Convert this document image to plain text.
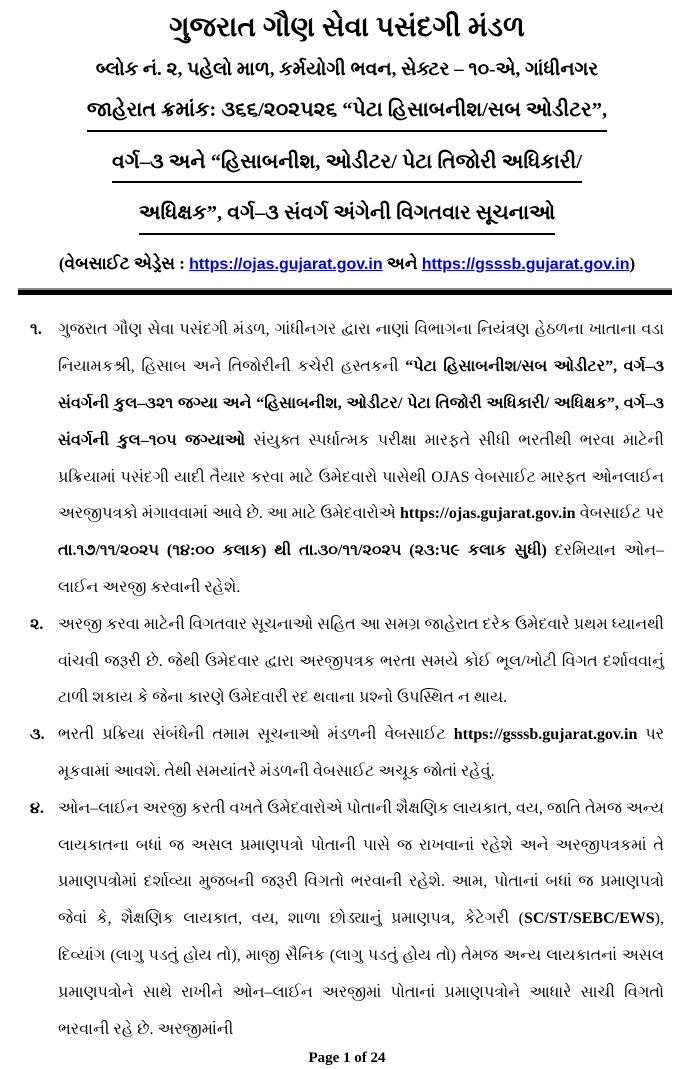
ગુજરાત ગૌણ સેવા પસંદગી મંડળ
બ્લોક નં. ૨, પહેલો માળ, કર્મયોગી ભવન, સેક્ટર – ૧૦-એ, ગાંધીનગર
જાહેરાત ક્રમાંક: ૩૬૬/૨૦૨૫૨૬ “પેટા હિસાબનીશ/સબ ઓડીટર”,
વર્ગ–૩ અને “હિસાબનીશ, ઓડીટર/ પેટા તિજોરી અધિકારી/
અધિક્ષક”, વર્ગ–૩ સંવર્ગ અંગેની વિગતવાર સૂચનાઓ
(વેબસાઈટ એડ્રેસ : https://ojas.gujarat.gov.in અને https://gsssb.gujarat.gov.in)
૧.	ગુજરાત ગૌણ સેવા પસંદગી મંડળ, ગાંધીનગર દ્વારા નાણાં વિભાગના નિયંત્રણ હેઠળના ખાતાના વડા નિયામકશ્રી, હિસાબ અને તિજોરીની કચેરી હસ્તકની “પેટા હિસાબનીશ/સબ ઓડીટર”, વર્ગ–૩ સંવર્ગની કુલ–૩૨૧ જગ્યા અને “હિસાબનીશ, ઓડીટર/ પેટા તિજોરી અધિકારી/ અધિક્ષક”, વર્ગ–૩ સંવર્ગની કુલ–૧૦૫ જગ્યાઓ સંયુક્ત સ્પર્ધાત્મક પરીક્ષા મારફતે સીધી ભરતીથી ભરવા માટેની પ્રક્રિયામાં પસંદગી યાદી તૈયાર કરવા માટે ઉમેદવારો પાસેથી OJAS વેબસાઈટ મારફત ઓનલાઈન અરજીપત્રકો મંગાવવામાં આવે છે. આ માટે ઉમેદવારોએ https://ojas.gujarat.gov.in વેબસાઈટ પર તા.૧૭/૧૧/૨૦૨૫ (૧૪:૦૦ કલાક) થી તા.૩૦/૧૧/૨૦૨૫ (૨૩:૫૯ કલાક સુધી) દરમિયાન ઓન–લાઈન અરજી કરવાની રહેશે.
૨. અરજી કરવા માટેની વિગતવાર સૂચનાઓ સહિત આ સમગ્ર જાહેરાત દરેક ઉમેદવારે પ્રથમ ધ્યાનથી વાંચવી જરૂરી છે. જેથી ઉમેદવાર દ્વારા અરજીપત્રક ભરતા સમયે કોઈ ભૂલ/ખોટી વિગત દર્શાવવાનું ટાળી શકાય કે જેના કારણે ઉમેદવારી રદ થવાના પ્રશ્નો ઉપસ્થિત ન થાય.
૩. ભરતી પ્રક્રિયા સંબંધેની તમામ સૂચનાઓ મંડળની વેબસાઈટ https://gsssb.gujarat.gov.in પર મૂકવામાં આવશે. તેથી સમયાંતરે મંડળની વેબસાઈટ અચૂક જોતાં રહેવું.
૪. ઓન–લાઈન અરજી કરતી વખતે ઉમેદવારોએ પોતાની શૈક્ષણિક લાયકાત, વય, જાતિ તેમજ અન્ય લાયકાતના બધાં જ અસલ પ્રમાણપત્રો પોતાની પાસે જ રાખવાનાં રહેશે અને અરજીપત્રકમાં તે પ્રમાણપત્રોમાં દર્શાવ્યા મુજબની જરૂરી વિગતો ભરવાની રહેશે. આમ, પોતાનાં બધાં જ પ્રમાણપત્રો જેવાં કે, શૈક્ષણિક લાયકાત, વય, શાળા છોડ્યાનું પ્રમાણપત્ર, કેટેગરી (SC/ST/SEBC/EWS), દિવ્યાંગ (લાગુ પડતું હોય તો), માજી સૈનિક (લાગુ પડતું હોય તો) તેમજ અન્ય લાયકાતનાં અસલ પ્રમાણપત્રોને સાથે રાખીને ઓન–લાઈન અરજીમાં પોતાનાં પ્રમાણપત્રોને આધારે સાચી વિગતો ભરવાની રહે છે. અરજીમાંની
Page 1 of 24
